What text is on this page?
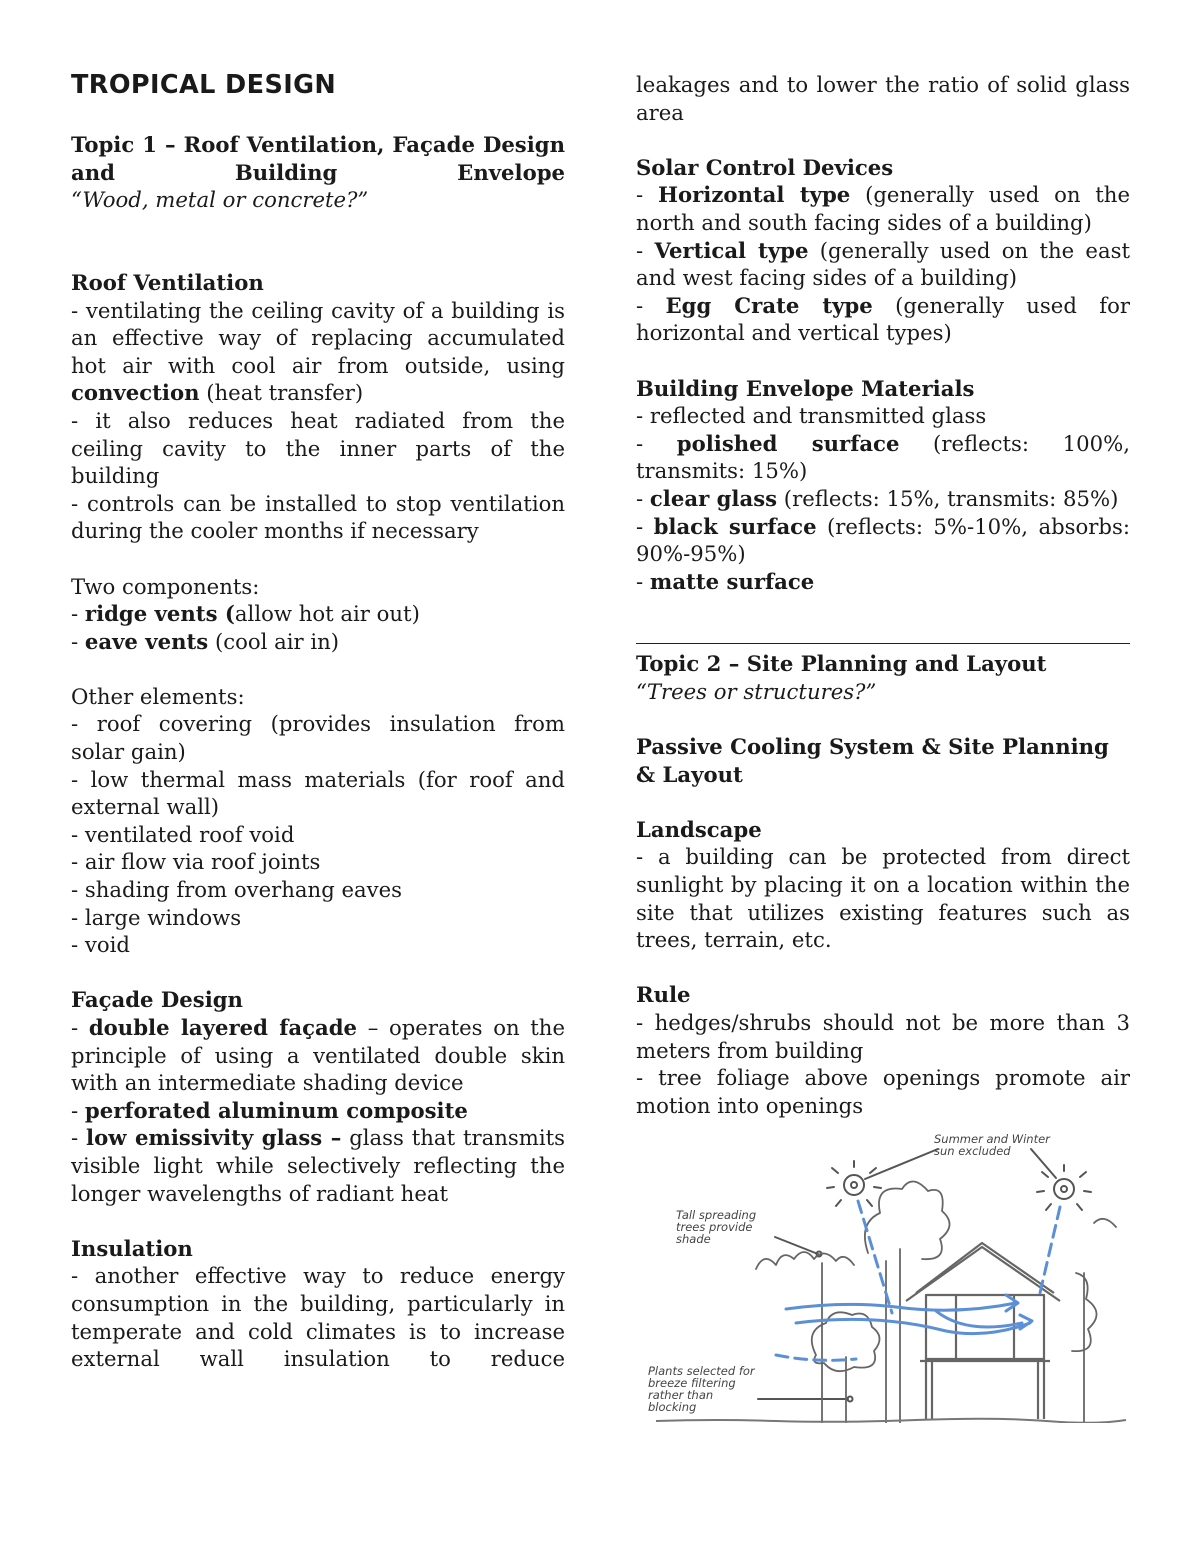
TROPICAL DESIGN

Topic 1 – Roof Ventilation, Façade Design and Building Envelope

“Wood, metal or concrete?”

Roof Ventilation

- ventilating the ceiling cavity of a building is an effective way of replacing accumulated hot air with cool air from outside, using convection (heat transfer)

- it also reduces heat radiated from the ceiling cavity to the inner parts of the building

- controls can be installed to stop ventilation during the cooler months if necessary

Two components:

- ridge vents (allow hot air out)

- eave vents (cool air in)

Other elements:

- roof covering (provides insulation from solar gain)

- low thermal mass materials (for roof and external wall)

- ventilated roof void

- air flow via roof joints

- shading from overhang eaves

- large windows

- void

Façade Design

- double layered façade – operates on the principle of using a ventilated double skin with an intermediate shading device

- perforated aluminum composite

- low emissivity glass – glass that transmits visible light while selectively reflecting the longer wavelengths of radiant heat

Insulation

- another effective way to reduce energy consumption in the building, particularly in temperate and cold climates is to increase external wall insulation to reduce

leakages and to lower the ratio of solid glass area

Solar Control Devices

- Horizontal type (generally used on the north and south facing sides of a building)

- Vertical type (generally used on the east and west facing sides of a building)

- Egg Crate type (generally used for horizontal and vertical types)

Building Envelope Materials

- reflected and transmitted glass

- polished surface (reflects: 100%, transmits: 15%)

- clear glass (reflects: 15%, transmits: 85%)

- black surface (reflects: 5%-10%, absorbs: 90%-95%)

- matte surface

Topic 2 – Site Planning and Layout

“Trees or structures?”

Passive Cooling System & Site Planning & Layout

Landscape

- a building can be protected from direct sunlight by placing it on a location within the site that utilizes existing features such as trees, terrain, etc.

Rule

- hedges/shrubs should not be more than 3 meters from building

- tree foliage above openings promote air motion into openings

Summer and Winter sun excluded
Tall spreading trees provide shade
Plants selected for breeze filtering rather than blocking
